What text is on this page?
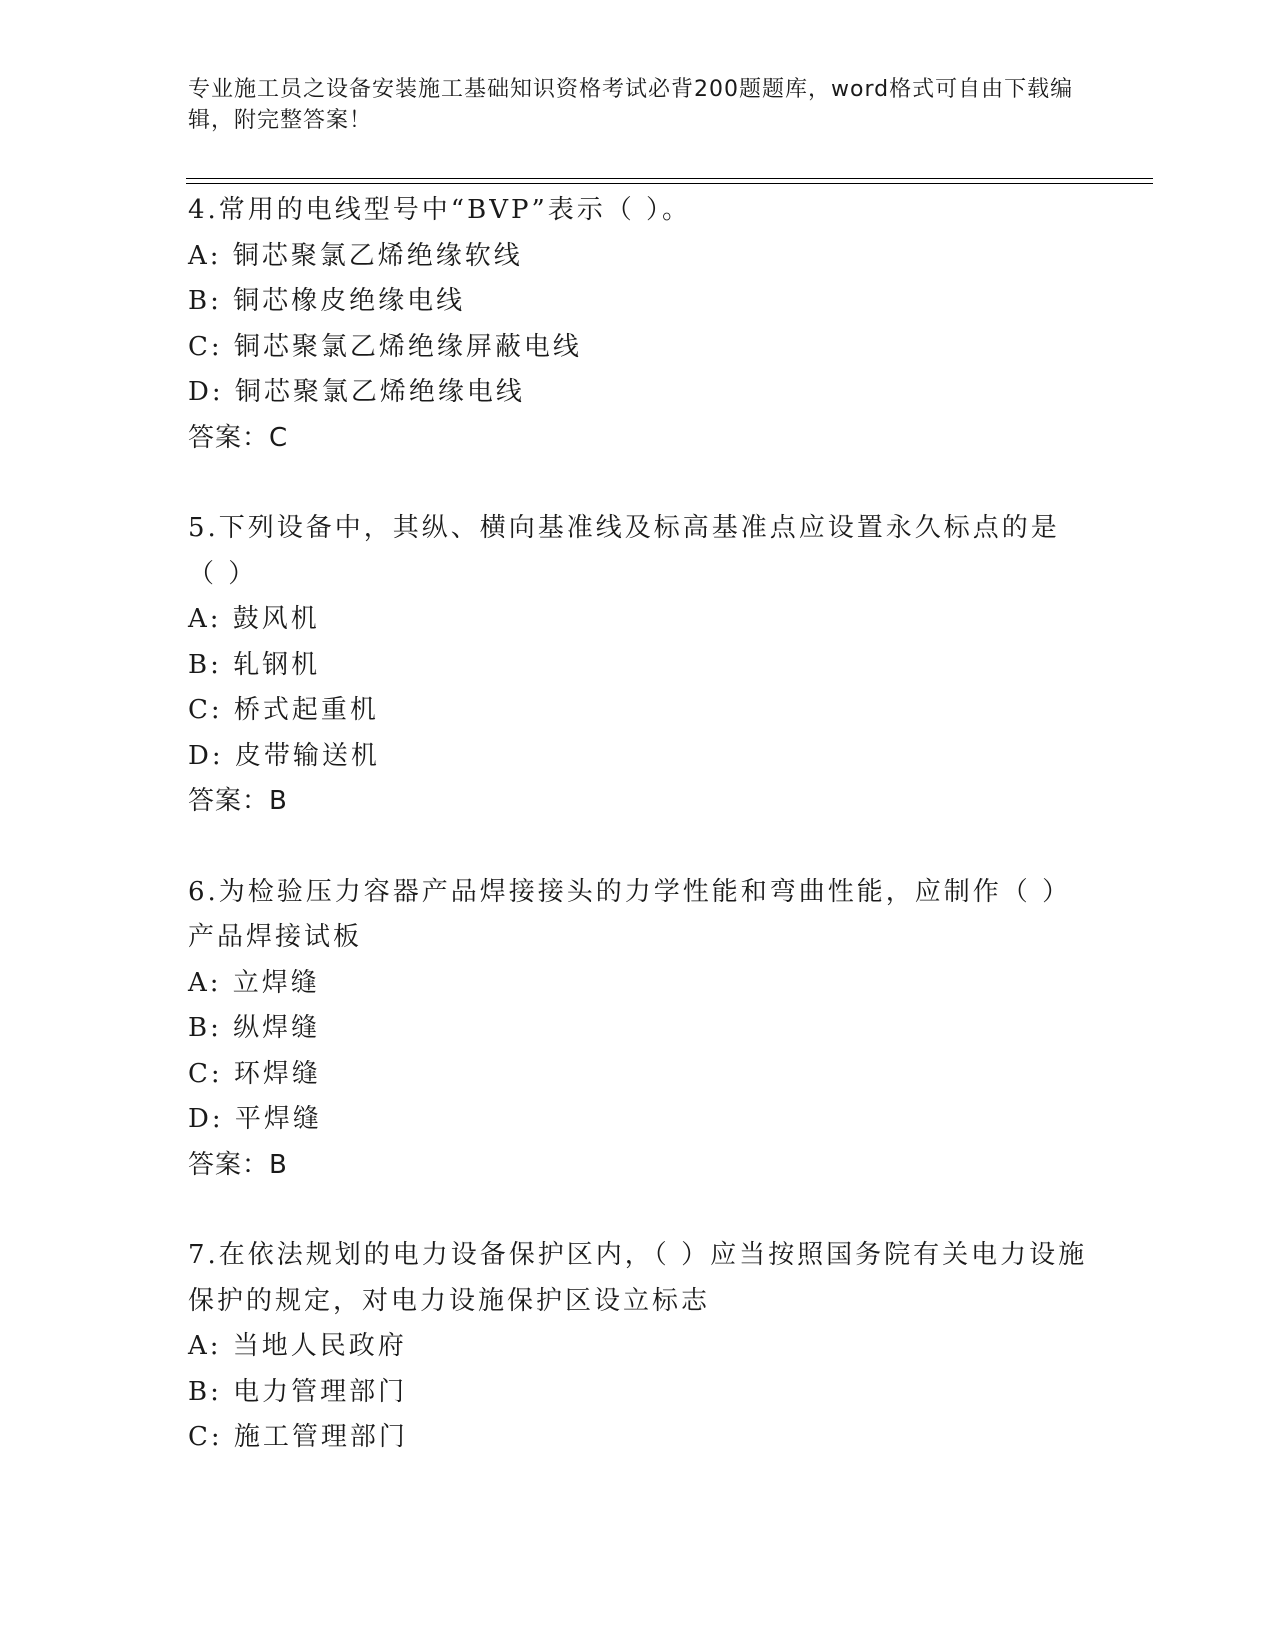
专业施工员之设备安装施工基础知识资格考试必背200题题库，word格式可自由下载编辑，附完整答案！

4.常用的电线型号中“BVP”表示（ ）。

A: 铜芯聚氯乙烯绝缘软线

B: 铜芯橡皮绝缘电线

C: 铜芯聚氯乙烯绝缘屏蔽电线

D: 铜芯聚氯乙烯绝缘电线

答案：C

5.下列设备中，其纵、横向基准线及标高基准点应设置永久标点的是（ ）

A: 鼓风机

B: 轧钢机

C: 桥式起重机

D: 皮带输送机

答案：B

6.为检验压力容器产品焊接接头的力学性能和弯曲性能，应制作（ ）产品焊接试板

A: 立焊缝

B: 纵焊缝

C: 环焊缝

D: 平焊缝

答案：B

7.在依法规划的电力设备保护区内，（ ）应当按照国务院有关电力设施保护的规定，对电力设施保护区设立标志

A: 当地人民政府

B: 电力管理部门

C: 施工管理部门
